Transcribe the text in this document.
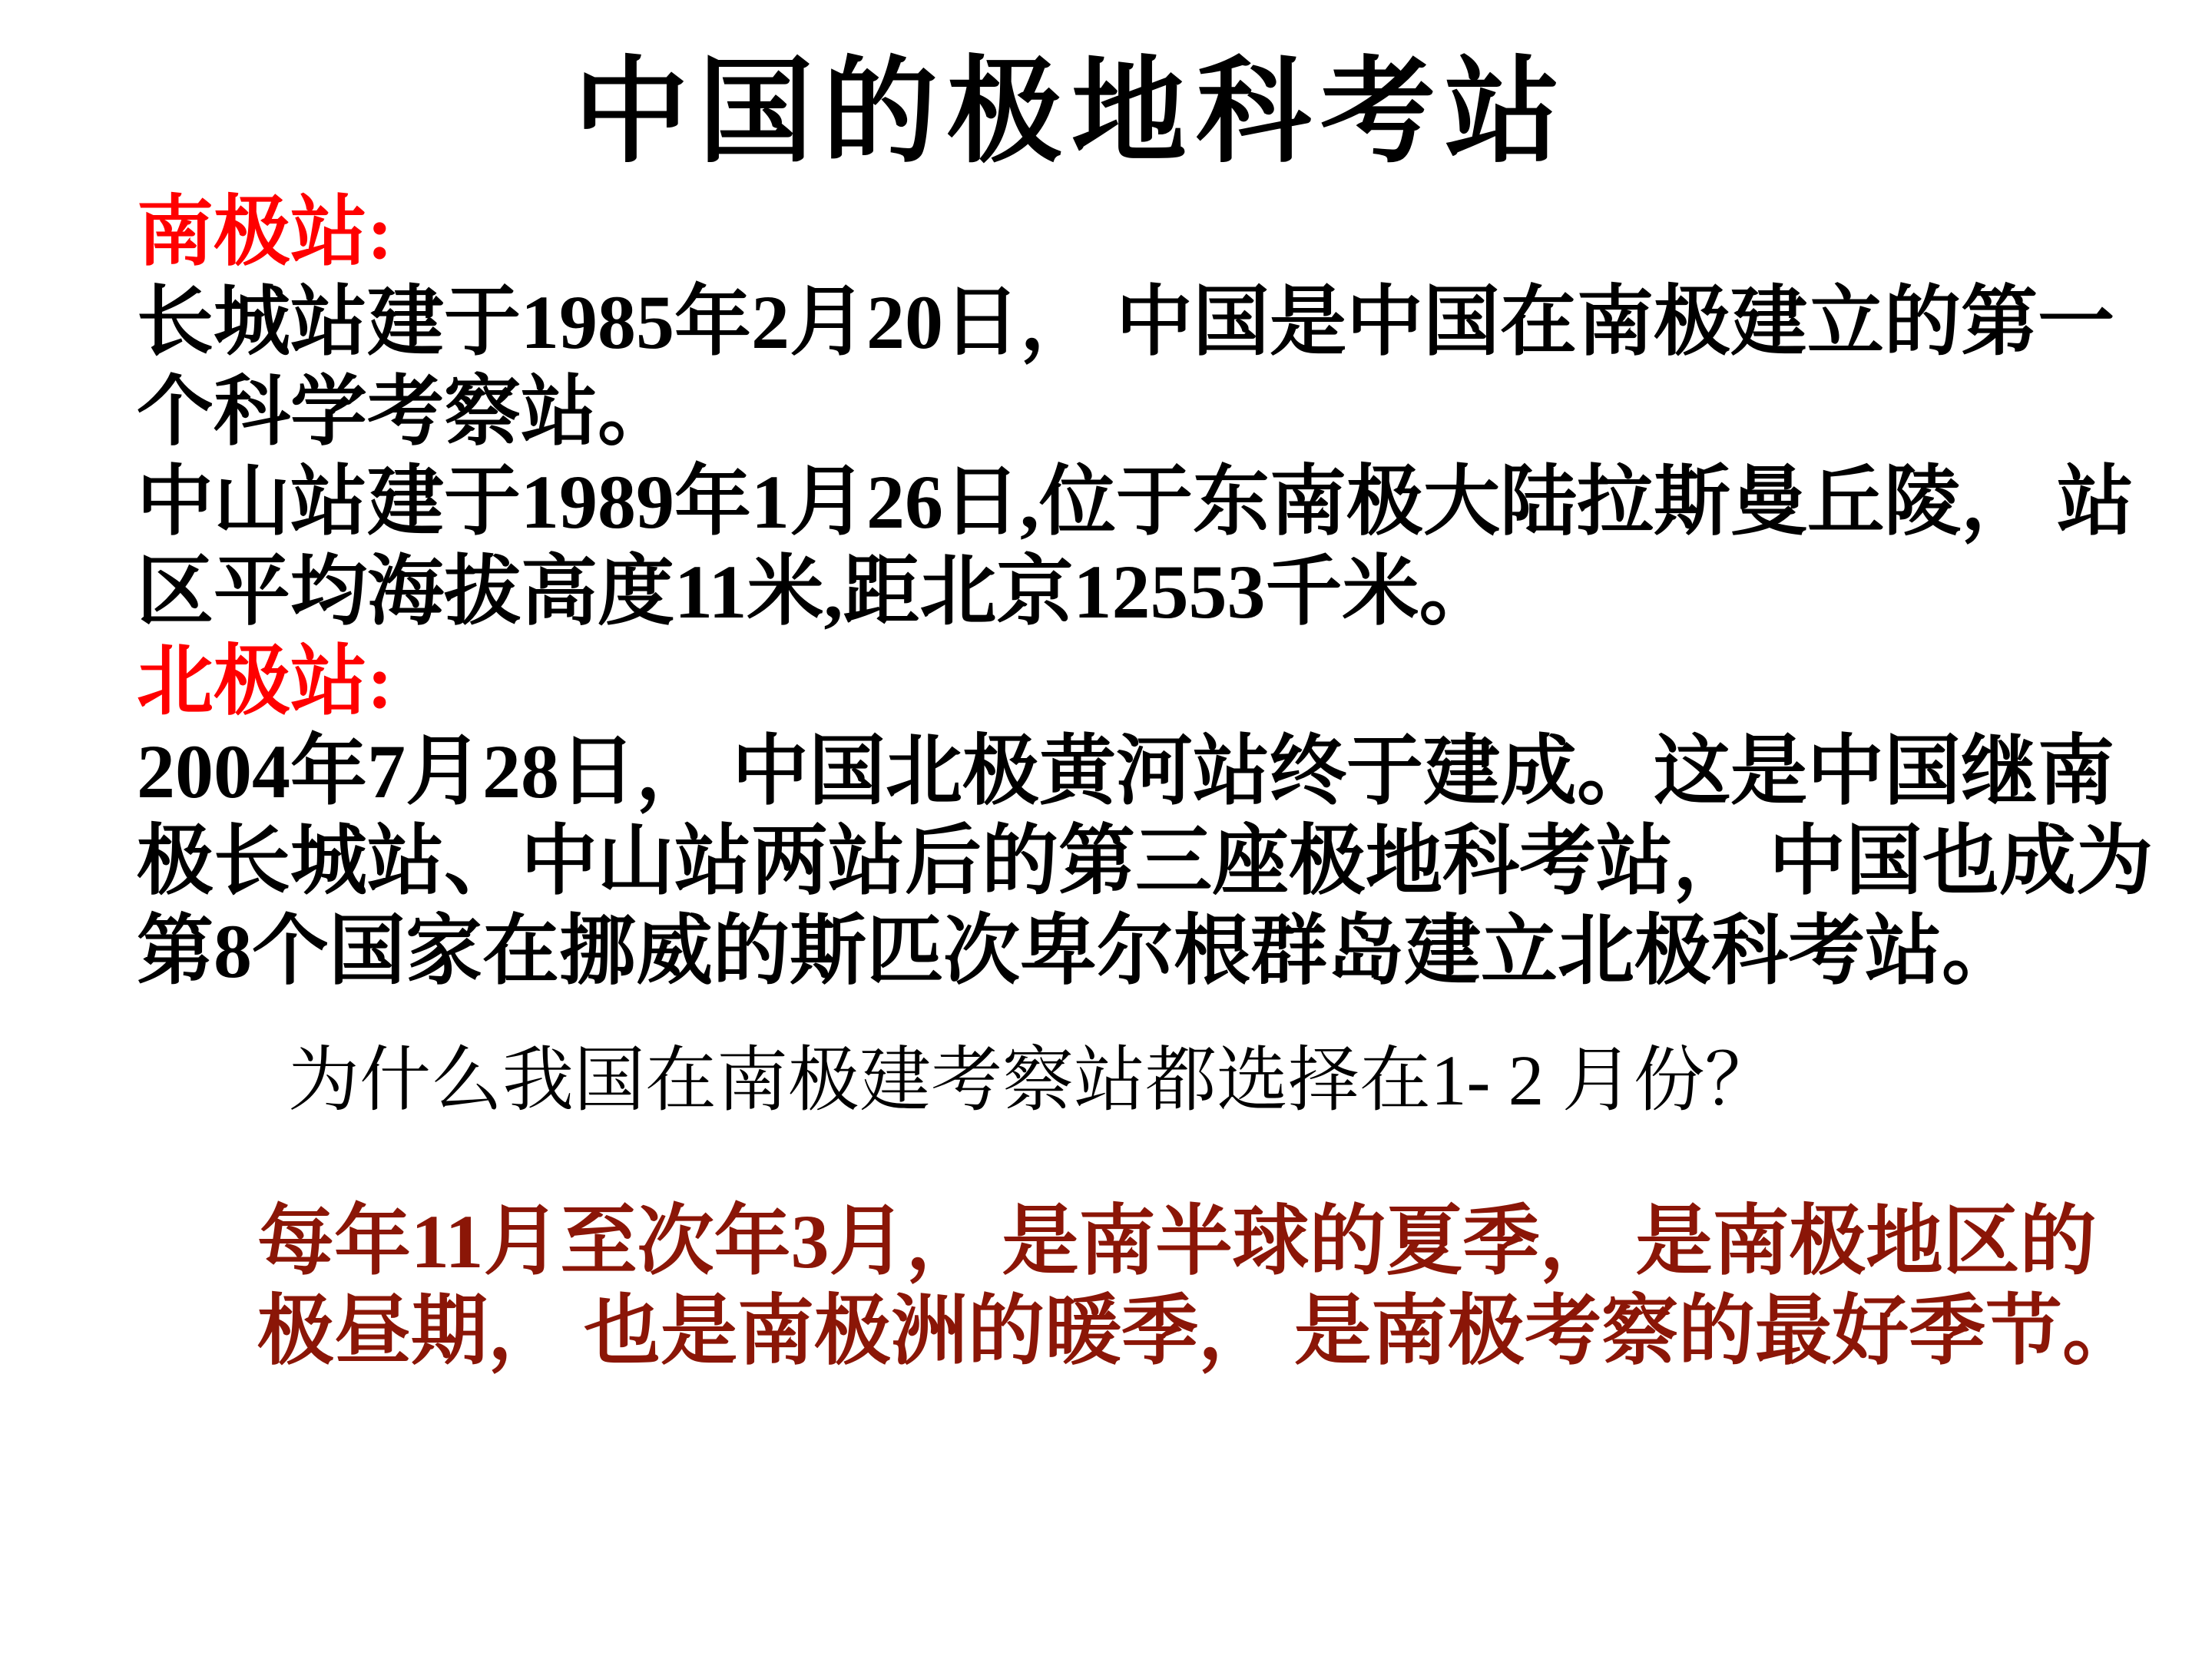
中国的极地科考站
南极站:
长城站建于1985年2月20日， 中国是中国在南极建立的第一
个科学考察站。
中山站建于1989年1月26日,位于东南极大陆拉斯曼丘陵， 站
区平均海拔高度11米,距北京12553千米。
北极站:
2004年7月28日， 中国北极黄河站终于建成。这是中国继南
极长城站、中山站两站后的第三座极地科考站， 中国也成为
第8个国家在挪威的斯匹次卑尔根群岛建立北极科考站。
为什么我国在南极建考察站都选择在1- 2 月份？
每年11月至次年3月， 是南半球的夏季， 是南极地区的
极昼期， 也是南极洲的暖季， 是南极考察的最好季节。
